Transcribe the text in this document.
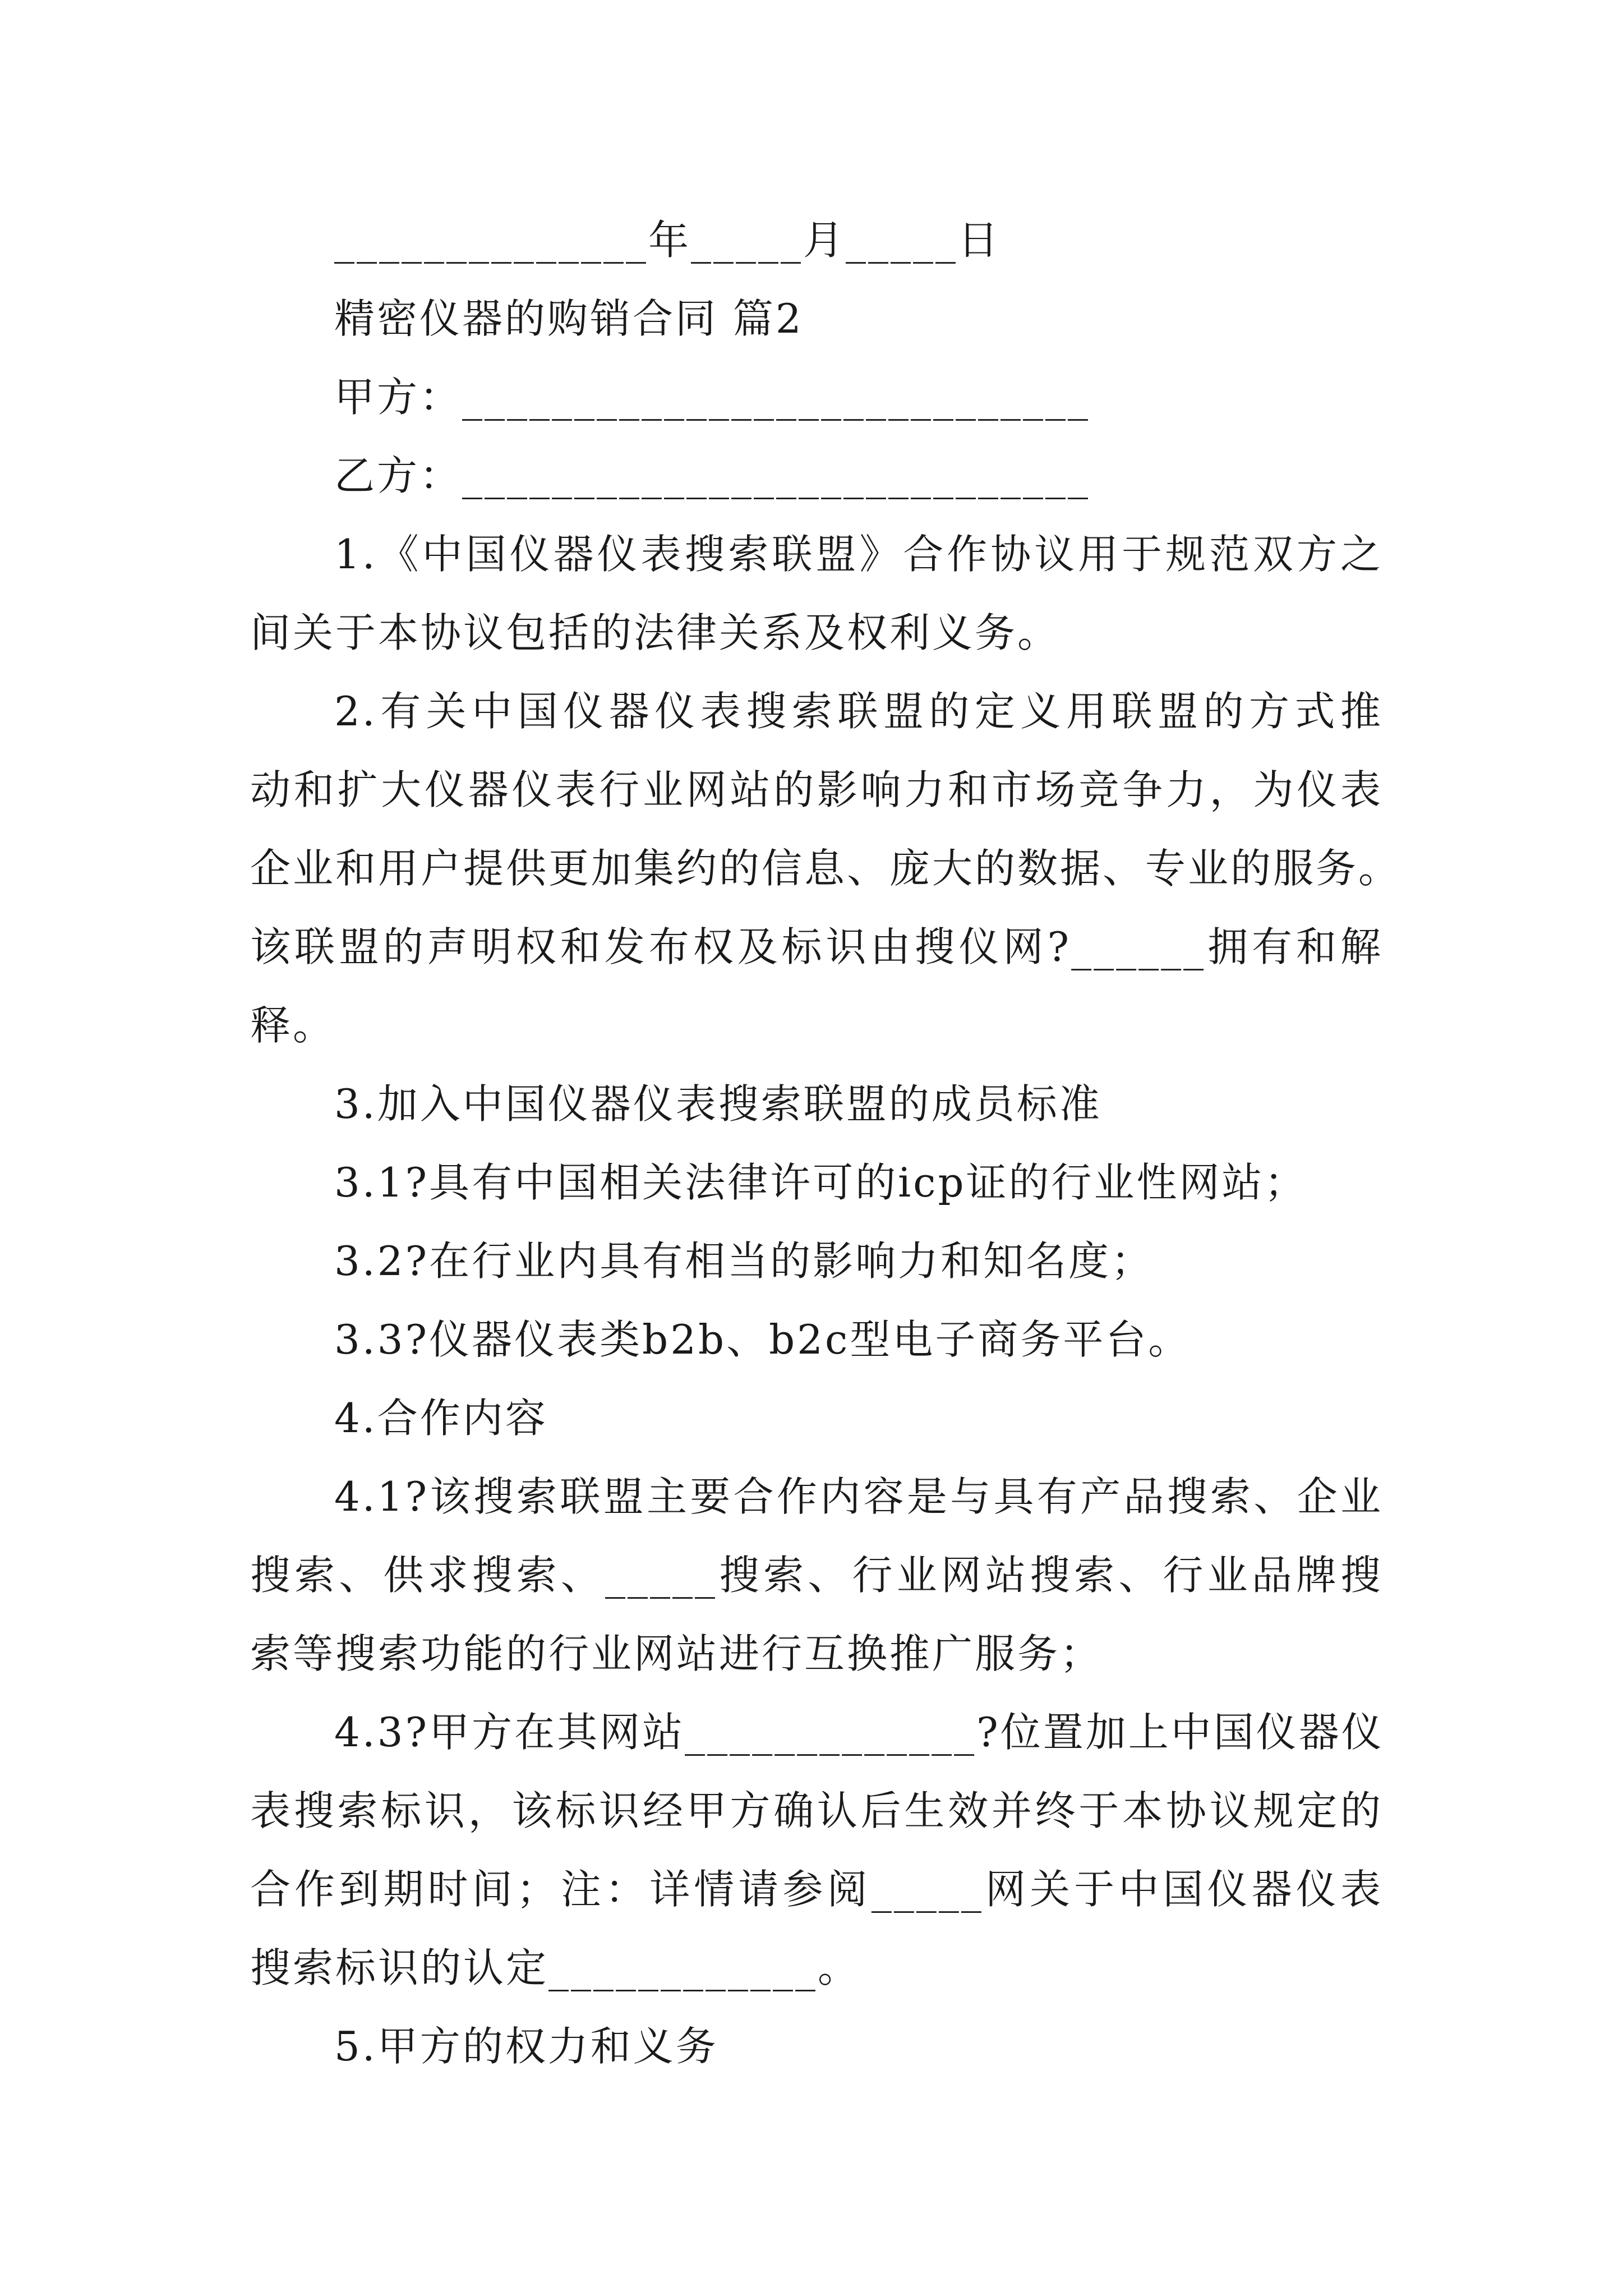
______________年_____月_____日
精密仪器的购销合同 篇2
甲方：____________________________
乙方：____________________________
1.《中国仪器仪表搜索联盟》合作协议用于规范双方之
间关于本协议包括的法律关系及权利义务。
2.有关中国仪器仪表搜索联盟的定义用联盟的方式推
动和扩大仪器仪表行业网站的影响力和市场竞争力，为仪表
企业和用户提供更加集约的信息、庞大的数据、专业的服务。
该联盟的声明权和发布权及标识由搜仪网?______拥有和解
释。
3.加入中国仪器仪表搜索联盟的成员标准
3.1?具有中国相关法律许可的icp证的行业性网站；
3.2?在行业内具有相当的影响力和知名度；
3.3?仪器仪表类b2b、b2c型电子商务平台。
4.合作内容
4.1?该搜索联盟主要合作内容是与具有产品搜索、企业
搜索、供求搜索、_____搜索、行业网站搜索、行业品牌搜
索等搜索功能的行业网站进行互换推广服务；
4.3?甲方在其网站_____________?位置加上中国仪器仪
表搜索标识，该标识经甲方确认后生效并终于本协议规定的
合作到期时间；注：详情请参阅_____网关于中国仪器仪表
搜索标识的认定____________。
5.甲方的权力和义务
